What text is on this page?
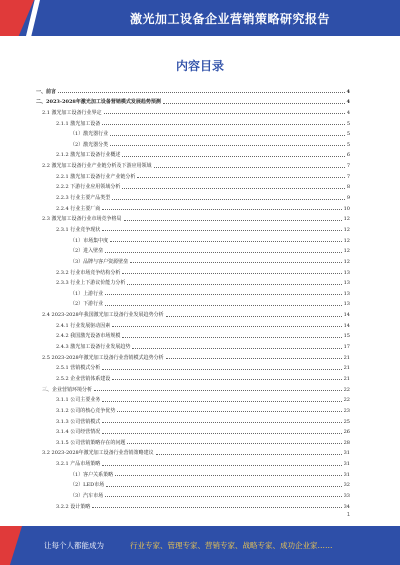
激光加工设备企业营销策略研究报告
内容目录
一、前言	4
二、2023-2028年激光加工设备营销模式发展趋势预测	4
2.1 激光加工设备行业界定	4
2.1.1 激光加工设备	5
（1）激光器行业	5
（2）激光器分类	5
2.1.2 激光加工设备行业概述	6
2.2 激光加工设备行业产业链分析及下游应用领域	7
2.2.1 激光加工设备行业产业链分析	7
2.2.2 下游行业应用领域分析	8
2.2.3 行业主要产品类型	9
2.2.4 行业主要厂商	10
2.3 激光加工设备行业市场竞争格局	12
2.3.1 行业竞争现状	12
（1）市场集中度	12
（2）进入壁垒	12
（3）品牌与客户资源壁垒	12
2.3.2 行业市场竞争结构分析	13
2.3.3 行业上下游议价能力分析	13
（1）上游行业	13
（2）下游行业	13
2.4 2023-2028年我国激光加工设备行业发展趋势分析	14
2.4.1 行业发展驱动因素	14
2.4.2 我国激光设备市场规模	15
2.4.3 激光加工设备行业发展趋势	17
2.5 2023-2028年激光加工设备行业营销模式趋势分析	21
2.5.1 营销模式分析	21
2.5.2 企业营销体系建设	21
三、企业营销环境分析	22
3.1.1 公司主要业务	22
3.1.2 公司的核心竞争优势	23
3.1.3 公司营销模式	25
3.1.4 公司经营情况	26
3.1.5 公司营销策略存在的问题	28
3.2 2023-2028年激光加工设备行业营销策略建议	31
3.2.1 产品市场策略	31
（1）客户关系策略	31
（2）LED市场	32
（3）汽车市场	33
3.2.2 设计策略	34
1
让每个人都能成为	行业专家、管理专家、营销专家、战略专家、成功企业家……
